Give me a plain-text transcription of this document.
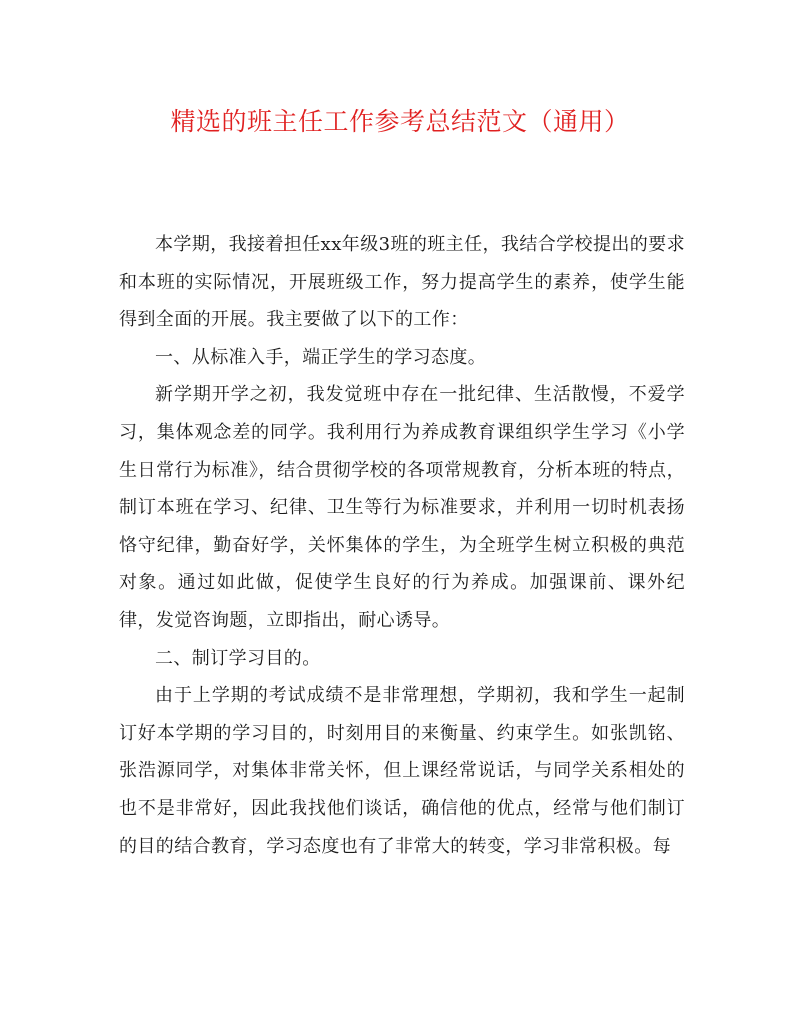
精选的班主任工作参考总结范文（通用）

本学期，我接着担任xx年级3班的班主任，我结合学校提出的要求和本班的实际情况，开展班级工作，努力提高学生的素养，使学生能得到全面的开展。我主要做了以下的工作：

一、从标准入手，端正学生的学习态度。

新学期开学之初，我发觉班中存在一批纪律、生活散慢，不爱学习，集体观念差的同学。我利用行为养成教育课组织学生学习《小学生日常行为标准》，结合贯彻学校的各项常规教育，分析本班的特点，制订本班在学习、纪律、卫生等行为标准要求，并利用一切时机表扬恪守纪律，勤奋好学，关怀集体的学生，为全班学生树立积极的典范对象。通过如此做，促使学生良好的行为养成。加强课前、课外纪律，发觉咨询题，立即指出，耐心诱导。

二、制订学习目的。

由于上学期的考试成绩不是非常理想，学期初，我和学生一起制订好本学期的学习目的，时刻用目的来衡量、约束学生。如张凯铭、张浩源同学，对集体非常关怀，但上课经常说话，与同学关系相处的也不是非常好，因此我找他们谈话，确信他的优点，经常与他们制订的目的结合教育，学习态度也有了非常大的转变，学习非常积极。每
